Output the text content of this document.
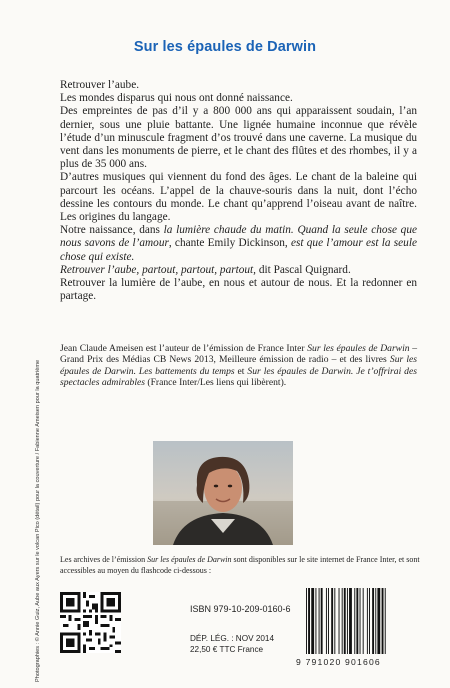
Sur les épaules de Darwin

Retrouver l’aube.

Les mondes disparus qui nous ont donné naissance.

Des empreintes de pas d’il y a 800 000 ans qui apparaissent soudain, l’an dernier, sous une pluie battante. Une lignée humaine inconnue que révèle l’étude d’un minuscule fragment d’os trouvé dans une caverne. La musique du vent dans les monuments de pierre, et le chant des flûtes et des rhombes, il y a plus de 35 000 ans.

D’autres musiques qui viennent du fond des âges. Le chant de la baleine qui parcourt les océans. L’appel de la chauve-souris dans la nuit, dont l’écho dessine les contours du monde. Le chant qu’apprend l’oiseau avant de naître. Les origines du langage.

Notre naissance, dans la lumière chaude du matin. Quand la seule chose que nous savons de l’amour, chante Emily Dickinson, est que l’amour est la seule chose qui existe.

Retrouver l’aube, partout, partout, partout, dit Pascal Quignard.

Retrouver la lumière de l’aube, en nous et autour de nous. Et la redonner en partage.

Jean Claude Ameisen est l’auteur de l’émission de France Inter Sur les épaules de Darwin – Grand Prix des Médias CB News 2013, Meilleure émission de radio – et des livres Sur les épaules de Darwin. Les battements du temps et Sur les épaules de Darwin. Je t’offrirai des spectacles admirables (France Inter/Les liens qui libèrent).

Les archives de l’émission Sur les épaules de Darwin sont disponibles sur le site internet de France Inter, et sont accessibles au moyen du flashcode ci-dessous :

ISBN 979-10-209-0160-6
DÉP. LÉG. : NOV 2014
22,50 € TTC France
9 791020 901606
Photographies : © Annie Guiz, Aube aux Ayers sur le volcan Pico (détail) pour la couverture / Fabienne Ameisen pour la quatrième
